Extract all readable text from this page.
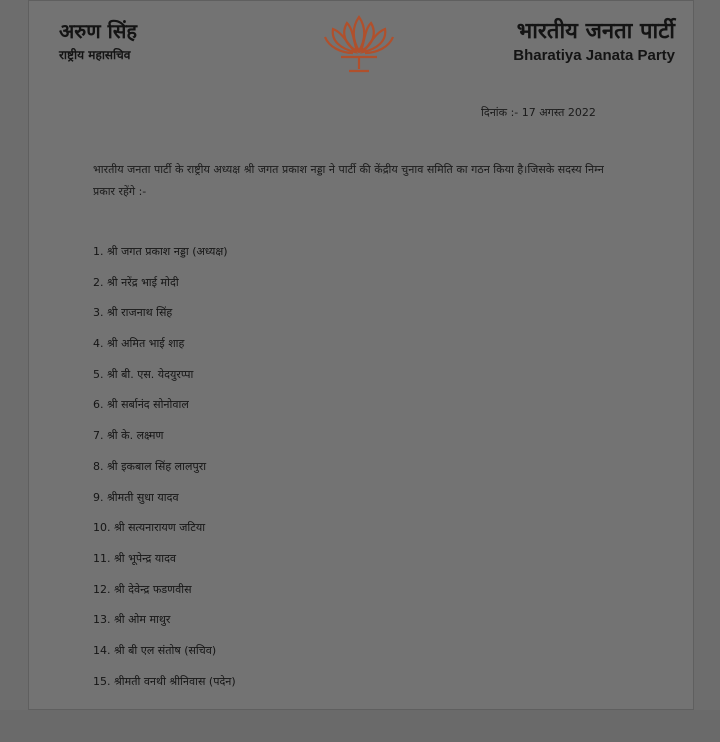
अरुण सिंह
राष्ट्रीय महासचिव
भारतीय जनता पार्टी
Bharatiya Janata Party
दिनांक :- 17 अगस्त 2022
भारतीय जनता पार्टी के राष्ट्रीय अध्यक्ष श्री जगत प्रकाश नड्डा ने पार्टी की केंद्रीय चुनाव समिति का गठन किया है।जिसके सदस्य निम्न प्रकार रहेंगे :-
1. श्री जगत प्रकाश नड्डा (अध्यक्ष)
2. श्री नरेंद्र भाई मोदी
3. श्री राजनाथ सिंह
4. श्री अमित भाई शाह
5. श्री बी. एस. येदयुरप्पा
6. श्री सर्बानंद सोनोवाल
7. श्री के. लक्ष्मण
8. श्री इकबाल सिंह लालपुरा
9. श्रीमती सुधा यादव
10. श्री सत्यनारायण जटिया
11. श्री भूपेन्द्र यादव
12. श्री देवेन्द्र फडणवीस
13. श्री ओम माथुर
14. श्री बी एल संतोष (सचिव)
15. श्रीमती वनथी श्रीनिवास (पदेन)
